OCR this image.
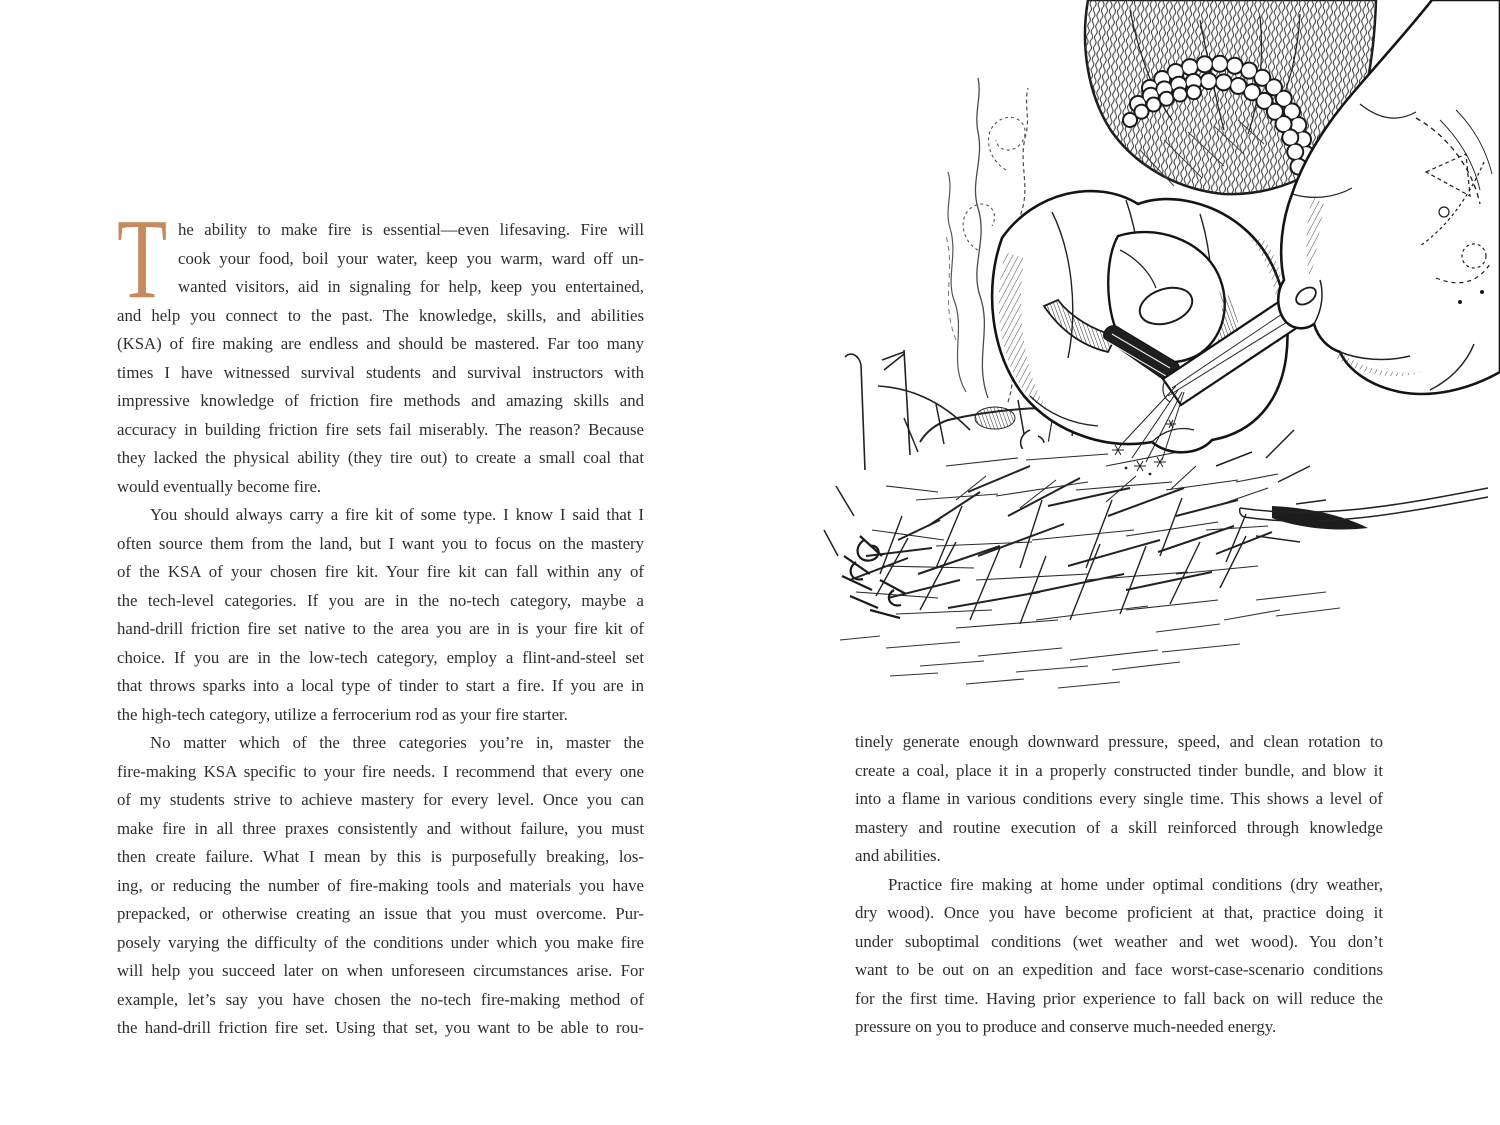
T he ability to make fire is essential—even lifesaving. Fire will
cook your food, boil your water, keep you warm, ward off un-
wanted visitors, aid in signaling for help, keep you entertained,
and help you connect to the past. The knowledge, skills, and abilities
(KSA) of fire making are endless and should be mastered. Far too many
times I have witnessed survival students and survival instructors with
impressive knowledge of friction fire methods and amazing skills and
accuracy in building friction fire sets fail miserably. The reason? Because
they lacked the physical ability (they tire out) to create a small coal that
would eventually become fire.
You should always carry a fire kit of some type. I know I said that I
often source them from the land, but I want you to focus on the mastery
of the KSA of your chosen fire kit. Your fire kit can fall within any of
the tech-level categories. If you are in the no-tech category, maybe a
hand-drill friction fire set native to the area you are in is your fire kit of
choice. If you are in the low-tech category, employ a flint-and-steel set
that throws sparks into a local type of tinder to start a fire. If you are in
the high-tech category, utilize a ferrocerium rod as your fire starter.
No matter which of the three categories you’re in, master the
fire-making KSA specific to your fire needs. I recommend that every one
of my students strive to achieve mastery for every level. Once you can
make fire in all three praxes consistently and without failure, you must
then create failure. What I mean by this is purposefully breaking, los-
ing, or reducing the number of fire-making tools and materials you have
prepacked, or otherwise creating an issue that you must overcome. Pur-
posely varying the difficulty of the conditions under which you make fire
will help you succeed later on when unforeseen circumstances arise. For
example, let’s say you have chosen the no-tech fire-making method of
the hand-drill friction fire set. Using that set, you want to be able to rou-
tinely generate enough downward pressure, speed, and clean rotation to
create a coal, place it in a properly constructed tinder bundle, and blow it
into a flame in various conditions every single time. This shows a level of
mastery and routine execution of a skill reinforced through knowledge
and abilities.
Practice fire making at home under optimal conditions (dry weather,
dry wood). Once you have become proficient at that, practice doing it
under suboptimal conditions (wet weather and wet wood). You don’t
want to be out on an expedition and face worst-case-scenario conditions
for the first time. Having prior experience to fall back on will reduce the
pressure on you to produce and conserve much-needed energy.
